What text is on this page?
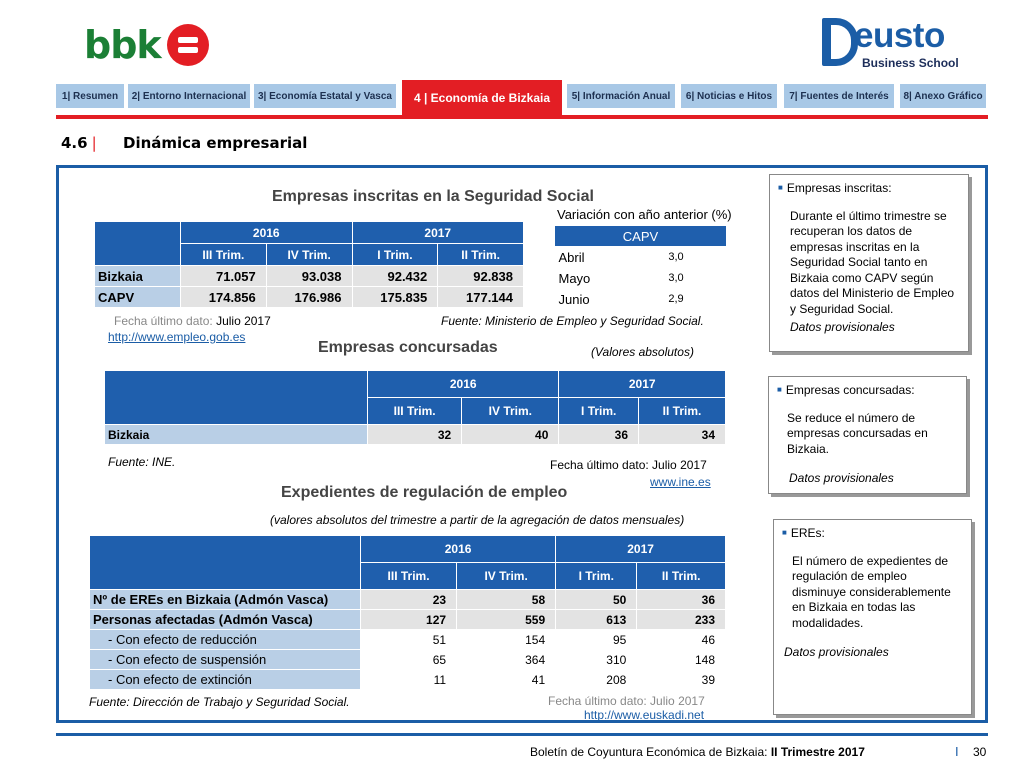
bbk	eusto
Business School
1| Resumen	2| Entorno Internacional	3| Economía Estatal y Vasca	4 | Economía de Bizkaia	5| Información Anual	6| Noticias e Hitos	7| Fuentes de Interés	8| Anexo Gráfico
4.6 |	Dinámica empresarial
Empresas inscritas en la Seguridad Social
	2016		2017	
	III Trim.	IV Trim.	I Trim.	II Trim.
Bizkaia	71.057	93.038	92.432	92.838
CAPV	174.856	176.986	175.835	177.144
Fecha último dato: Julio 2017	Fuente: Ministerio de Empleo y Seguridad Social.
http://www.empleo.gob.es
Variación con año anterior (%)
CAPV	
Abril	3,0
Mayo	3,0
Junio	2,9
Empresas concursadas	(Valores absolutos)
	2016		2017	
	III Trim.	IV Trim.	I Trim.	II Trim.
Bizkaia	32	40	36	34
Fuente: INE.	Fecha último dato: Julio 2017
www.ine.es
Expedientes de regulación de empleo
(valores absolutos del trimestre a partir de la agregación de datos mensuales)
	2016		2017	
	III Trim.	IV Trim.	I Trim.	II Trim.
Nº de EREs en Bizkaia (Admón Vasca)	23	58	50	36
Personas afectadas (Admón Vasca)	127	559	613	233
- Con efecto de reducción	51	154	95	46
- Con efecto de suspensión	65	364	310	148
- Con efecto de extinción	11	41	208	39
Fuente: Dirección de Trabajo y Seguridad Social.	Fecha último dato: Julio 2017
http://www.euskadi.net
■ Empresas inscritas:
Durante el último trimestre se recuperan los datos de empresas inscritas en la Seguridad Social tanto en Bizkaia como CAPV según datos del Ministerio de Empleo y Seguridad Social.
Datos provisionales
■ Empresas concursadas:
Se reduce el número de empresas concursadas en Bizkaia.
Datos provisionales
■ EREs:
El número de expedientes de regulación de empleo disminuye considerablemente en Bizkaia en todas las modalidades.
Datos provisionales
Boletín de Coyuntura Económica de Bizkaia: II Trimestre 2017	I 30
